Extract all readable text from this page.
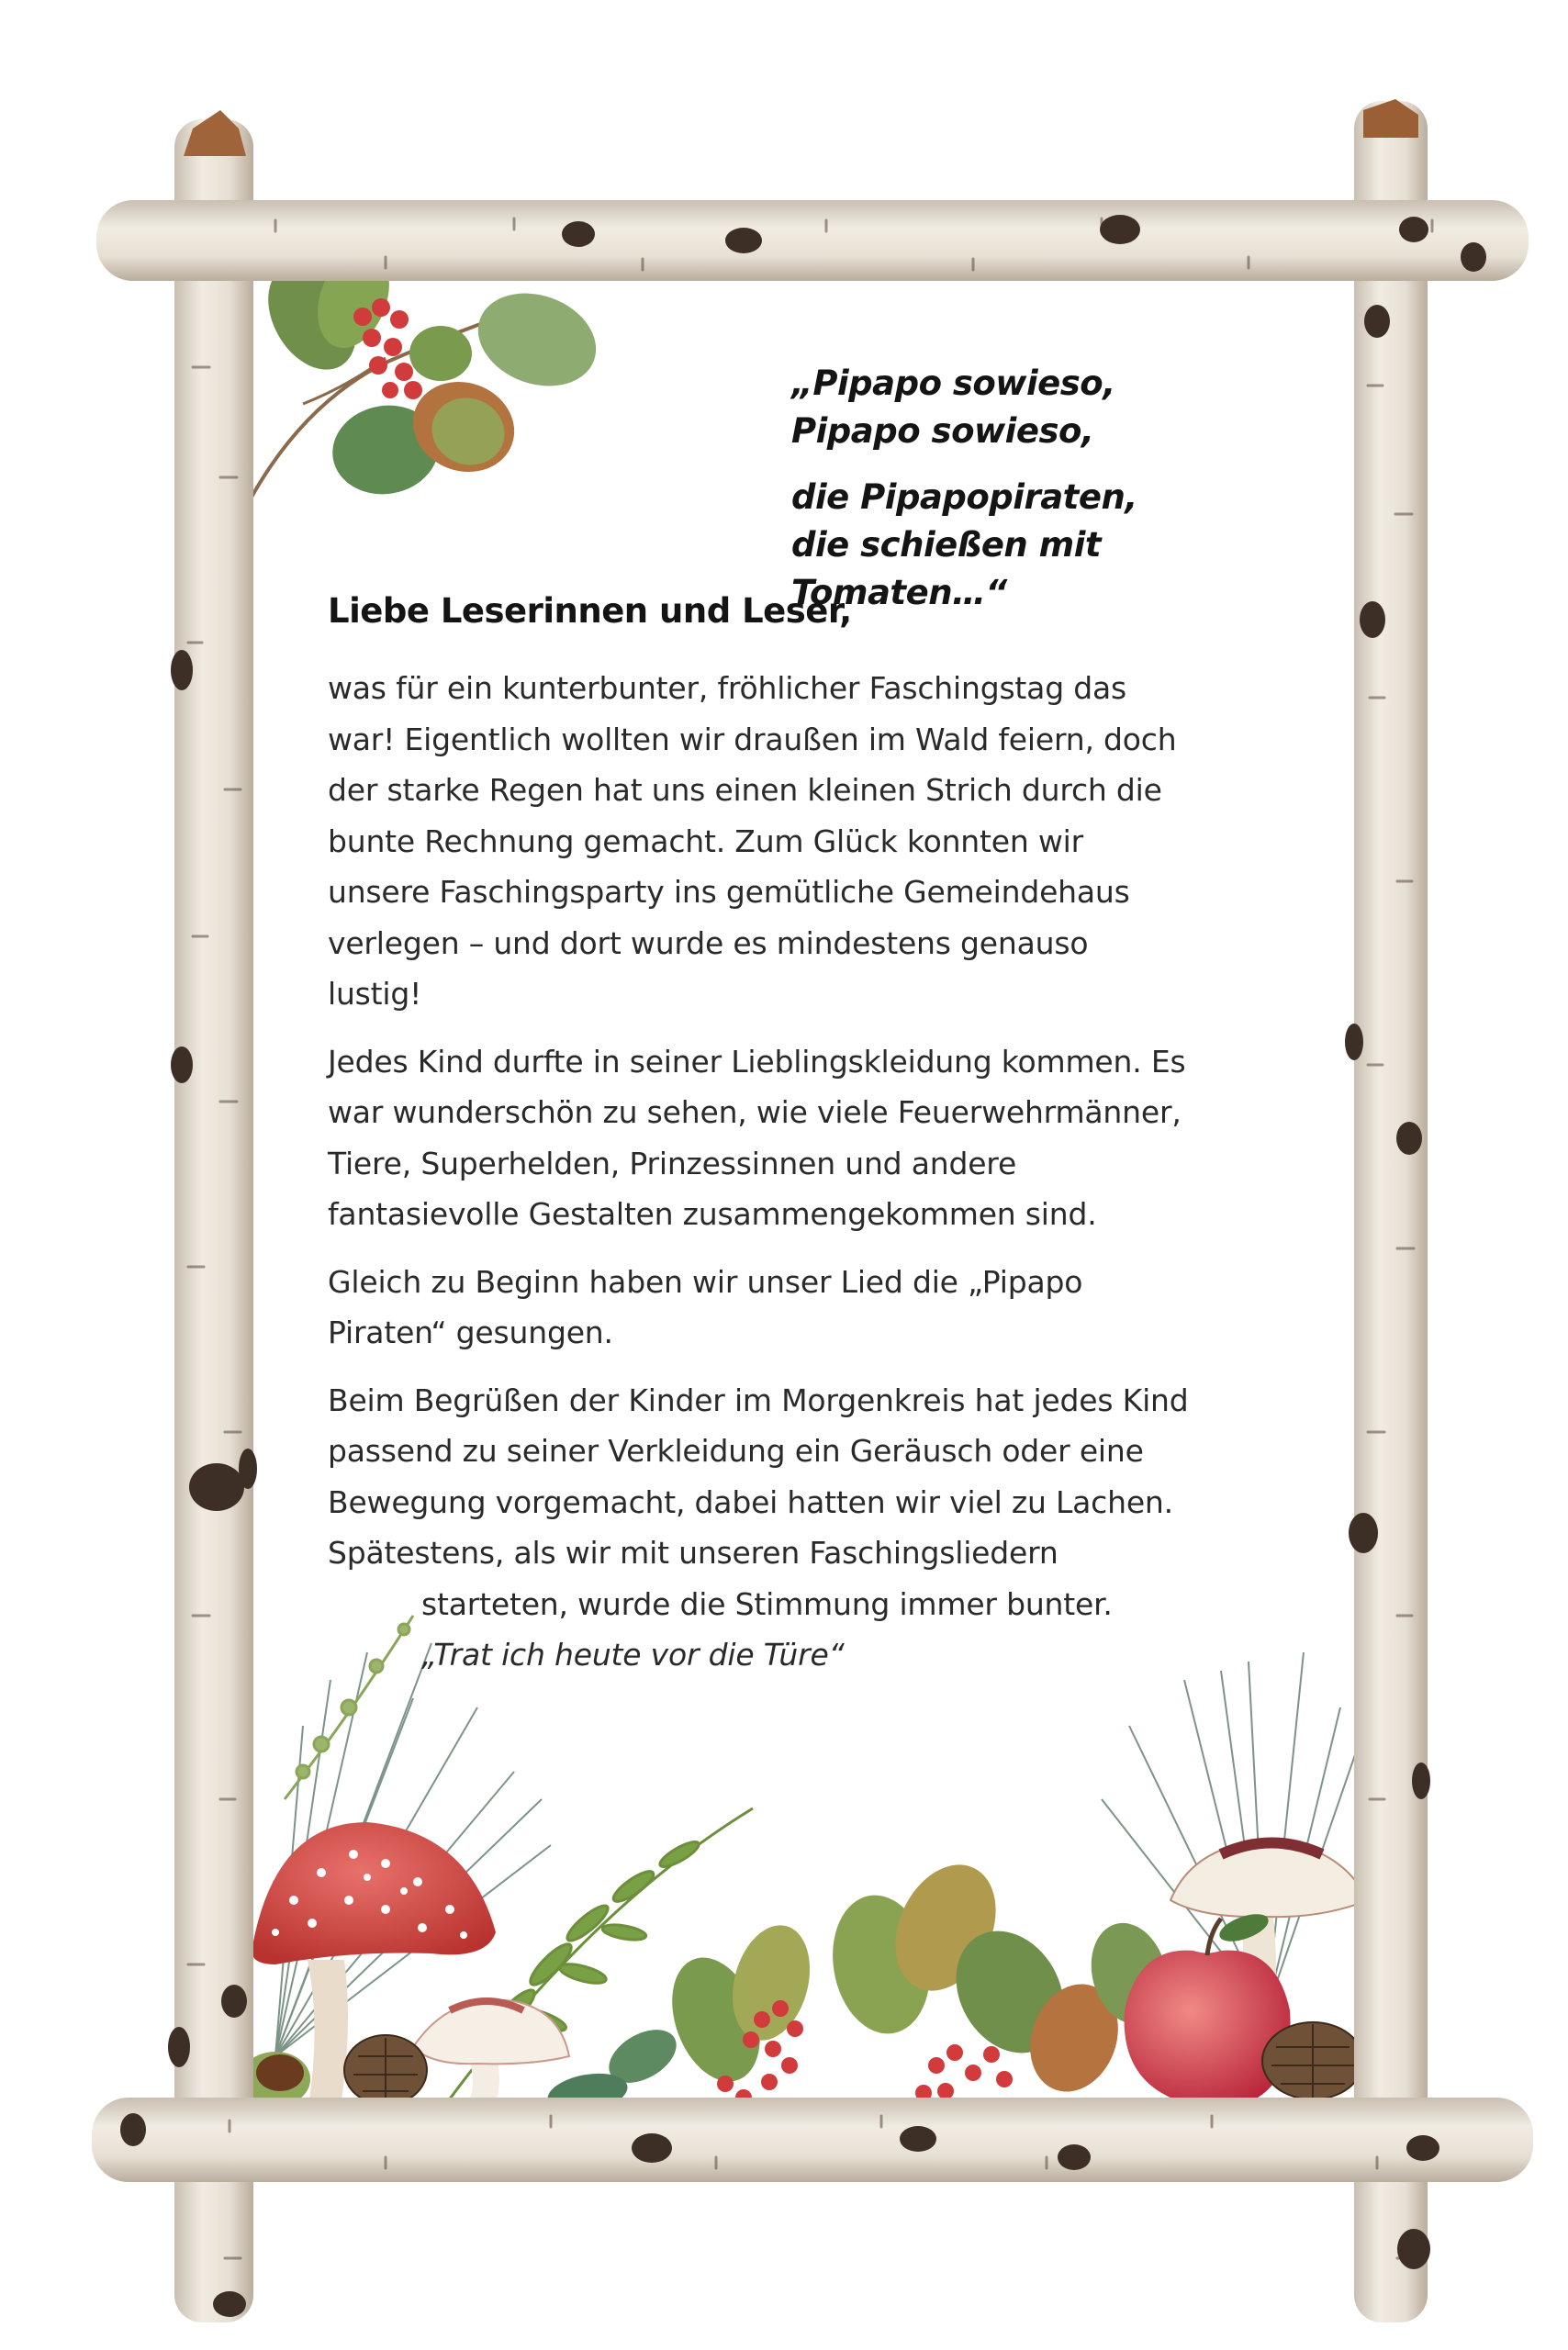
„Pipapo sowieso, Pipapo sowieso,

die Pipapopiraten, die schießen mit Tomaten…“

Liebe Leserinnen und Leser,

was für ein kunterbunter, fröhlicher Faschingstag das war! Eigentlich wollten wir draußen im Wald feiern, doch der starke Regen hat uns einen kleinen Strich durch die bunte Rechnung gemacht. Zum Glück konnten wir unsere Faschingsparty ins gemütliche Gemeindehaus verlegen – und dort wurde es mindestens genauso lustig!

Jedes Kind durfte in seiner Lieblingskleidung kommen. Es war wunderschön zu sehen, wie viele Feuerwehrmänner, Tiere, Superhelden, Prinzessinnen und andere fantasievolle Gestalten zusammengekommen sind.

Gleich zu Beginn haben wir unser Lied die „Pipapo Piraten“ gesungen.

Beim Begrüßen der Kinder im Morgenkreis hat jedes Kind passend zu seiner Verkleidung ein Geräusch oder eine Bewegung vorgemacht, dabei hatten wir viel zu Lachen. Spätestens, als wir mit unseren Faschingsliedern
starteten, wurde die Stimmung immer bunter.
„Trat ich heute vor die Türe“
